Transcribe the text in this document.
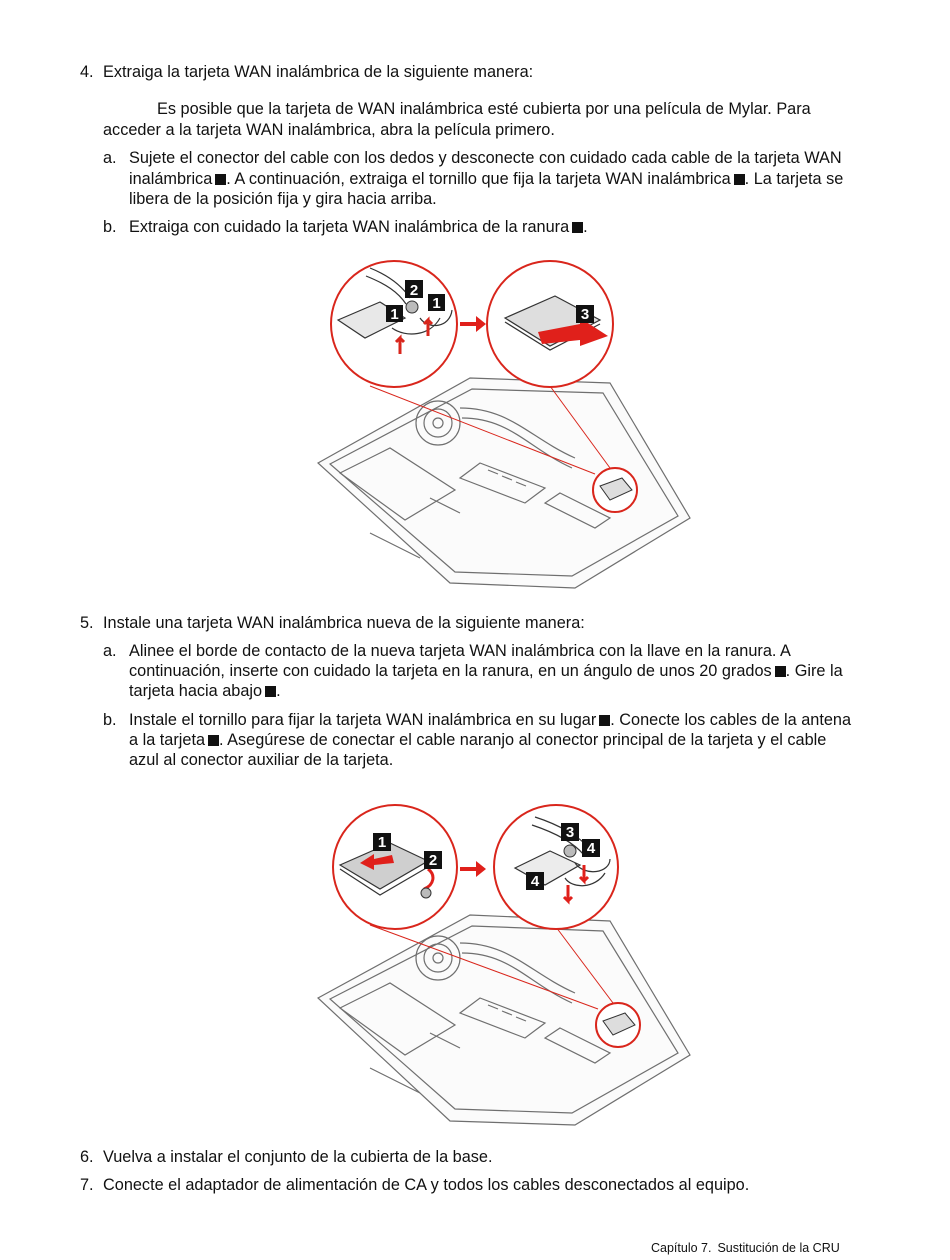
4. Extraiga la tarjeta WAN inalámbrica de la siguiente manera:
Es posible que la tarjeta de WAN inalámbrica esté cubierta por una película de Mylar. Para
acceder a la tarjeta WAN inalámbrica, abra la película primero.
a. Sujete el conector del cable con los dedos y desconecte con cuidado cada cable de la tarjeta WAN
inalámbrica . A continuación, extraiga el tornillo que fija la tarjeta WAN inalámbrica . La tarjeta se
libera de la posición fija y gira hacia arriba.
b. Extraiga con cuidado la tarjeta WAN inalámbrica de la ranura .
2
1
1
3
5. Instale una tarjeta WAN inalámbrica nueva de la siguiente manera:
a. Alinee el borde de contacto de la nueva tarjeta WAN inalámbrica con la llave en la ranura. A
continuación, inserte con cuidado la tarjeta en la ranura, en un ángulo de unos 20 grados . Gire la
tarjeta hacia abajo .
b. Instale el tornillo para fijar la tarjeta WAN inalámbrica en su lugar . Conecte los cables de la antena
a la tarjeta . Asegúrese de conectar el cable naranjo al conector principal de la tarjeta y el cable
azul al conector auxiliar de la tarjeta.
1
2
3
4
4
6. Vuelva a instalar el conjunto de la cubierta de la base.
7. Conecte el adaptador de alimentación de CA y todos los cables desconectados al equipo.
Capítulo 7. Sustitución de la CRU
